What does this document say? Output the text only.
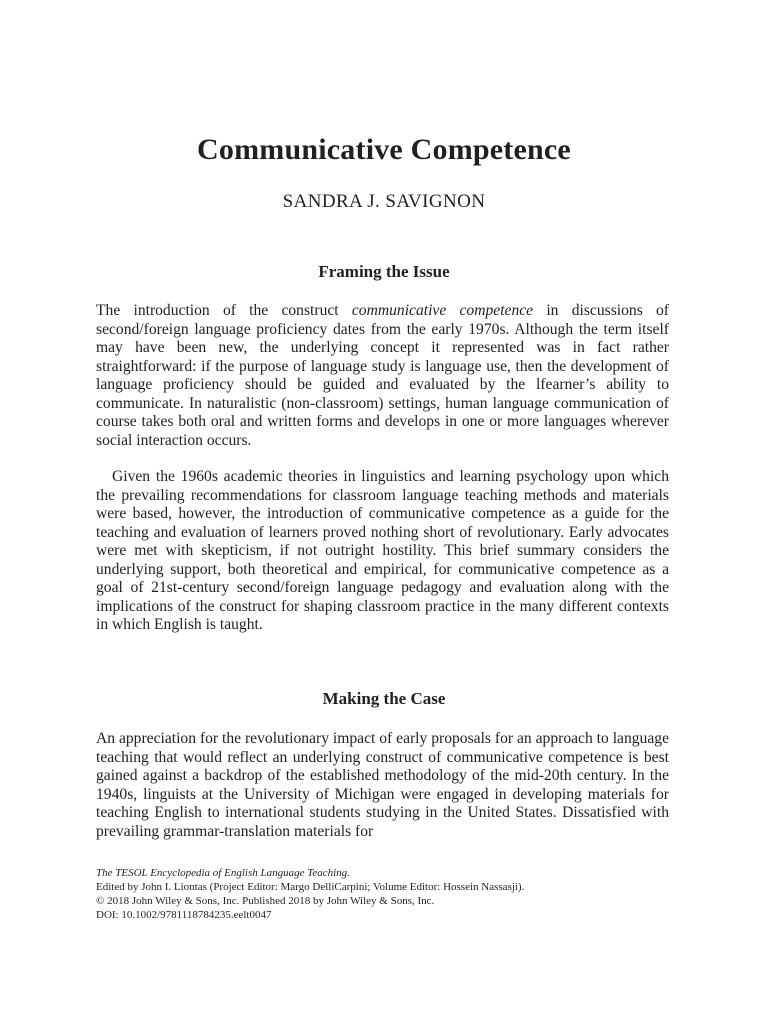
Communicative Competence
SANDRA J. SAVIGNON
Framing the Issue

The introduction of the construct communicative competence in discussions of second/foreign language proficiency dates from the early 1970s. Although the term itself may have been new, the underlying concept it represented was in fact rather straightforward: if the purpose of language study is language use, then the development of language proficiency should be guided and evaluated by the lfearner’s ability to communicate. In naturalistic (non-classroom) settings, human language communication of course takes both oral and written forms and develops in one or more languages wherever social interaction occurs.

Given the 1960s academic theories in linguistics and learning psychology upon which the prevailing recommendations for classroom language teaching methods and materials were based, however, the introduction of communicative competence as a guide for the teaching and evaluation of learners proved nothing short of revolutionary. Early advocates were met with skepticism, if not outright hostility. This brief summary considers the underlying support, both theoretical and empirical, for communicative competence as a goal of 21st-century second/foreign language pedagogy and evaluation along with the implications of the construct for shaping classroom practice in the many different contexts in which English is taught.

Making the Case

An appreciation for the revolutionary impact of early proposals for an approach to language teaching that would reflect an underlying construct of communicative competence is best gained against a backdrop of the established methodology of the mid-20th century. In the 1940s, linguists at the University of Michigan were engaged in developing materials for teaching English to international students studying in the United States. Dissatisfied with prevailing grammar-translation materials for

The TESOL Encyclopedia of English Language Teaching.
Edited by John I. Liontas (Project Editor: Margo DelliCarpini; Volume Editor: Hossein Nassasji).
© 2018 John Wiley & Sons, Inc. Published 2018 by John Wiley & Sons, Inc.
DOI: 10.1002/9781118784235.eelt0047
